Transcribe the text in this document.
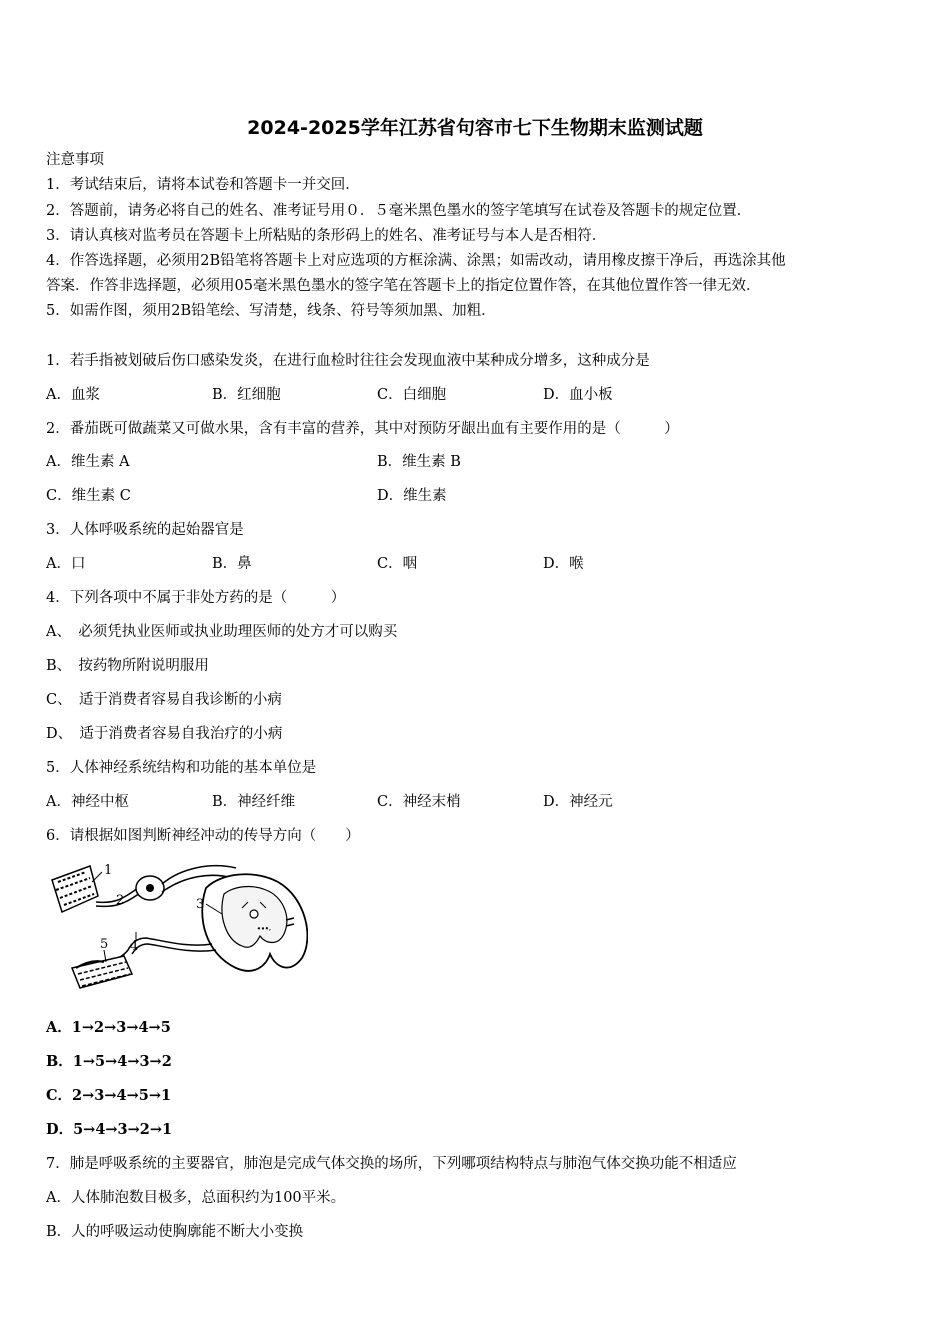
2024-2025学年江苏省句容市七下生物期末监测试题
注意事项
1．考试结束后，请将本试卷和答题卡一并交回．
2．答题前，请务必将自己的姓名、准考证号用０．５毫米黑色墨水的签字笔填写在试卷及答题卡的规定位置．
3．请认真核对监考员在答题卡上所粘贴的条形码上的姓名、准考证号与本人是否相符．
4．作答选择题，必须用2B铅笔将答题卡上对应选项的方框涂满、涂黑；如需改动，请用橡皮擦干净后，再选涂其他
答案．作答非选择题，必须用05毫米黑色墨水的签字笔在答题卡上的指定位置作答，在其他位置作答一律无效．
5．如需作图，须用2B铅笔绘、写清楚，线条、符号等须加黑、加粗．
1．若手指被划破后伤口感染发炎，在进行血检时往往会发现血液中某种成分增多，这种成分是
A．血浆	B．红细胞	C．白细胞	D．血小板
2．番茄既可做蔬菜又可做水果，含有丰富的营养，其中对预防牙龈出血有主要作用的是（　　　）
A．维生素 A	B．维生素 B
C．维生素 C	D．维生素
3．人体呼吸系统的起始器官是
A．口	B．鼻	C．咽	D．喉
4．下列各项中不属于非处方药的是（　　　）
A、　必须凭执业医师或执业助理医师的处方才可以购买
B、　按药物所附说明服用
C、　适于消费者容易自我诊断的小病
D、　适于消费者容易自我治疗的小病
5．人体神经系统结构和功能的基本单位是
A．神经中枢	B．神经纤维	C．神经末梢	D．神经元
6．请根据如图判断神经冲动的传导方向（　　）
1
2	3
4
5
A．1→2→3→4→5
B．1→5→4→3→2
C．2→3→4→5→1
D．5→4→3→2→1
7．肺是呼吸系统的主要器官，肺泡是完成气体交换的场所，下列哪项结构特点与肺泡气体交换功能不相适应
A．人体肺泡数目极多，总面积约为100平米。
B．人的呼吸运动使胸廓能不断大小变换
